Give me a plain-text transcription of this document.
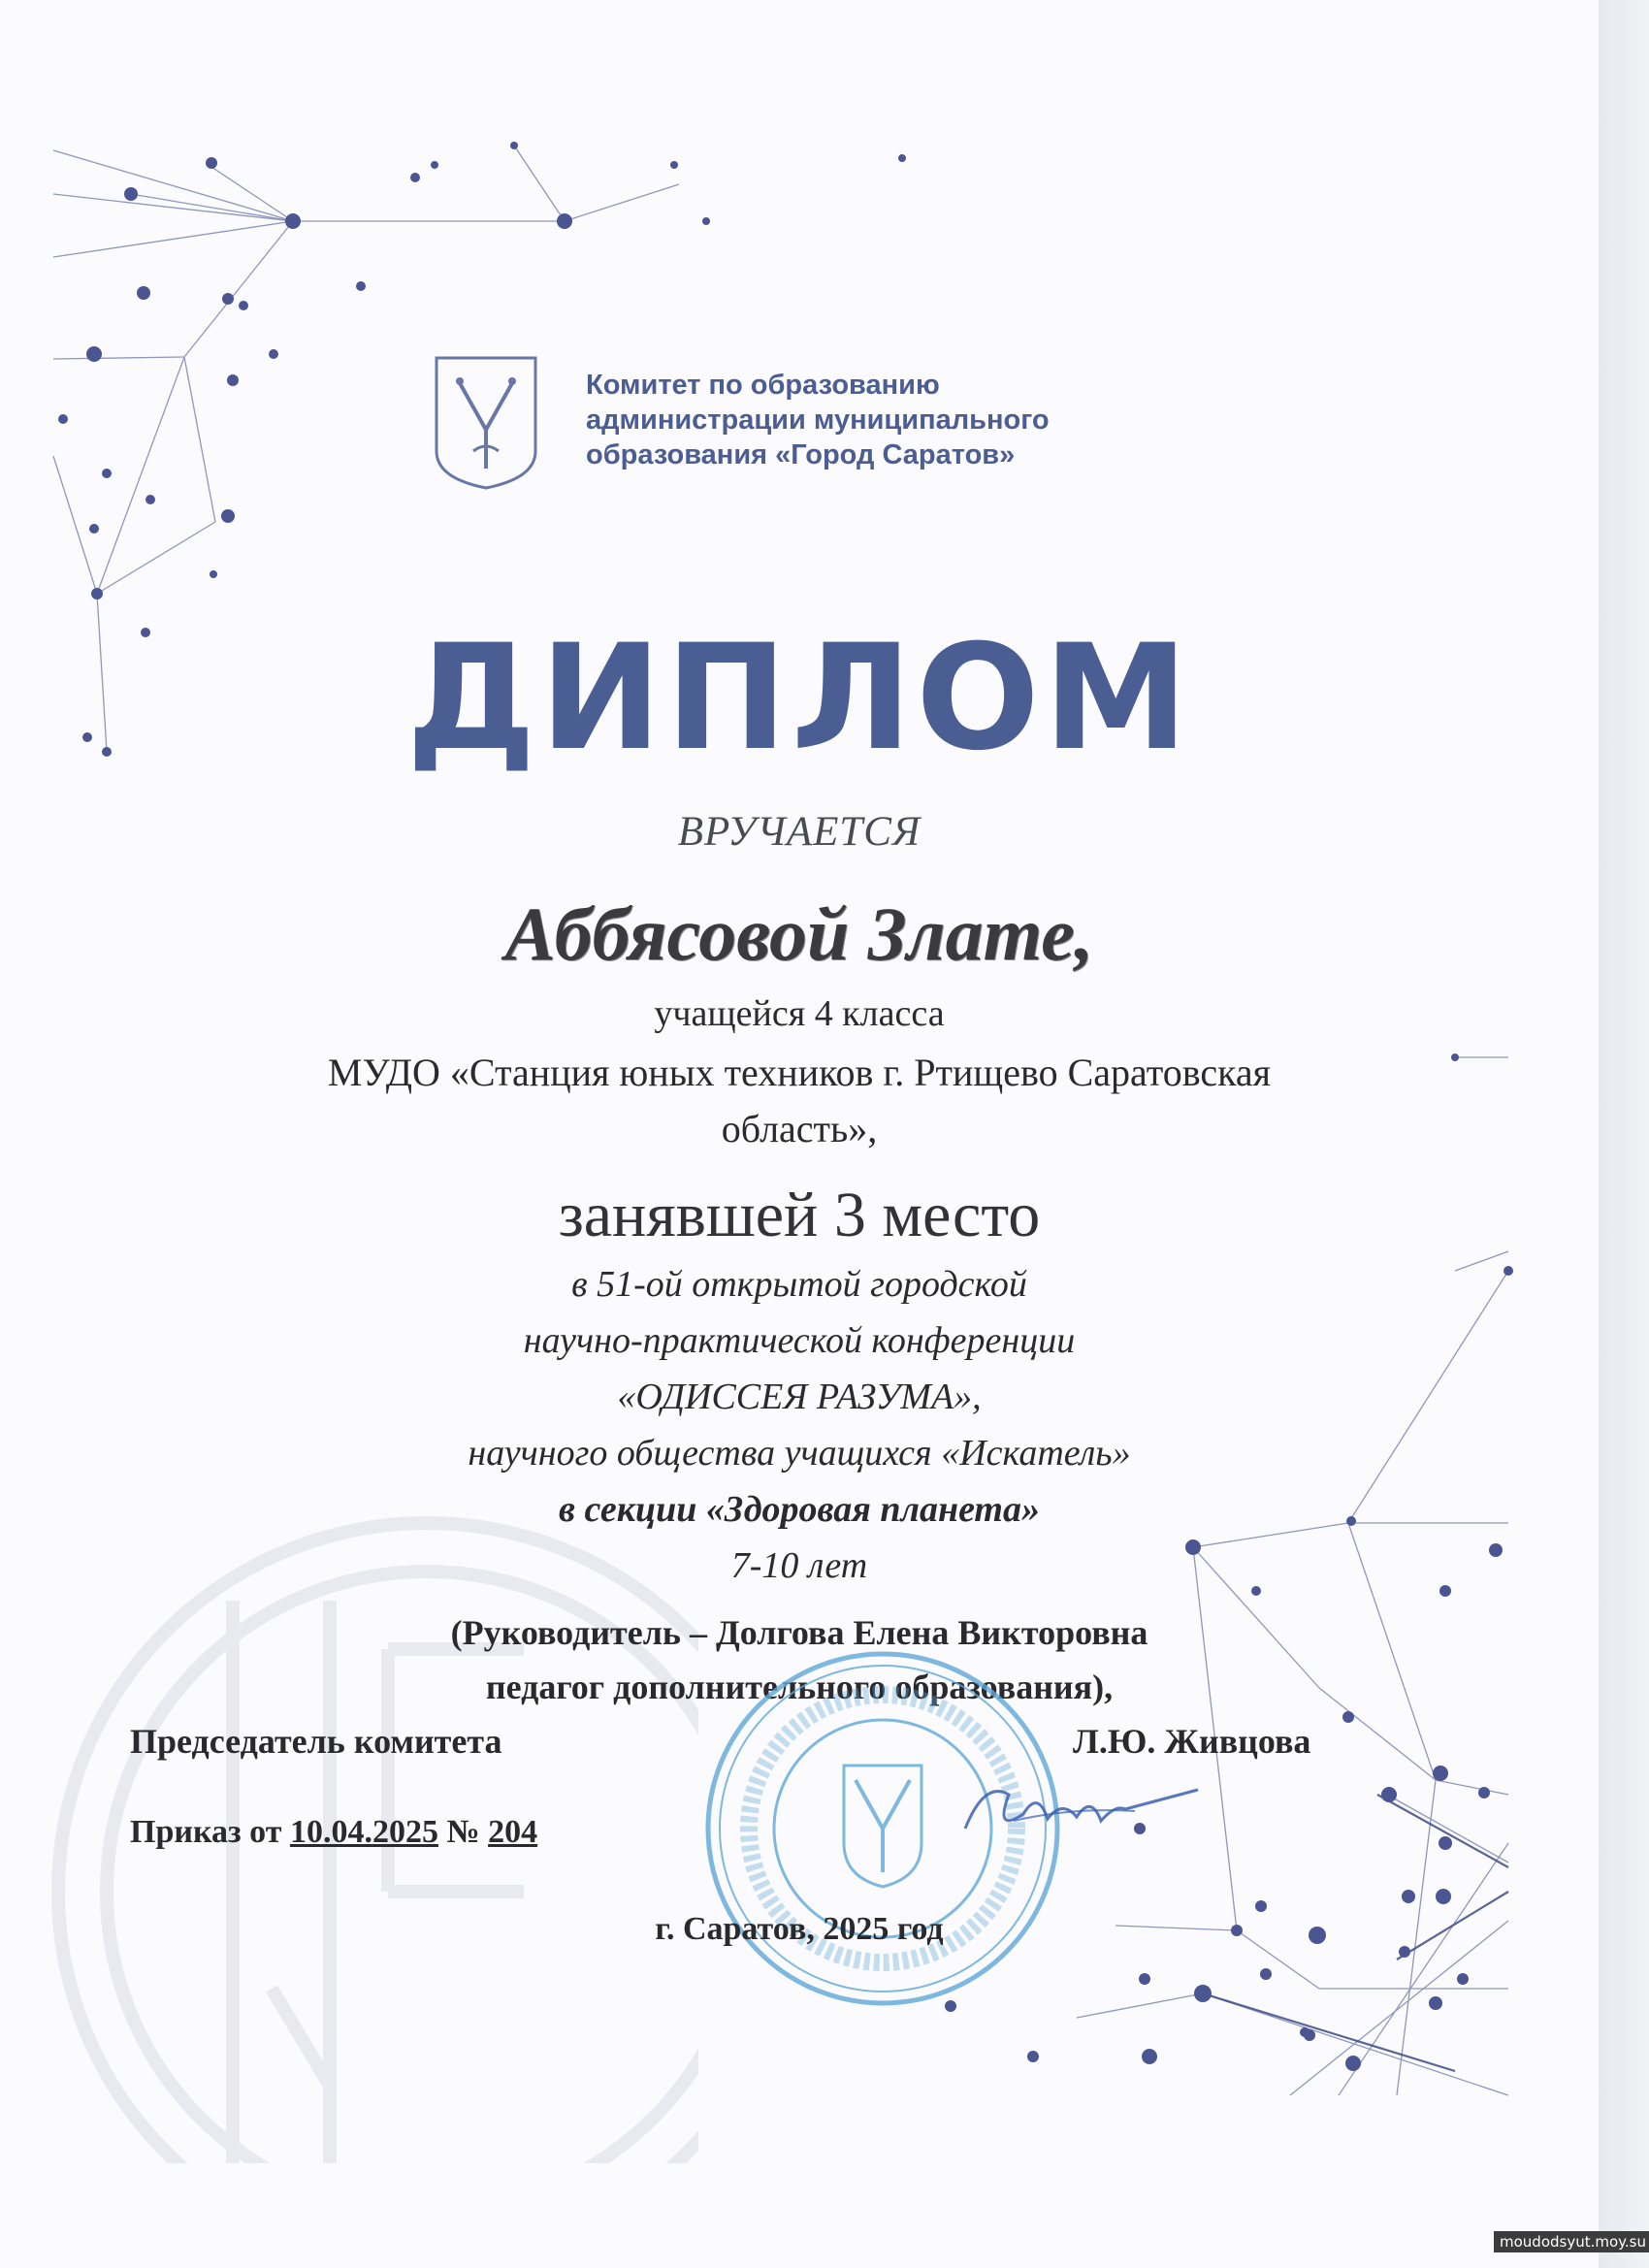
Комитет по образованию
администрации муниципального
образования «Город Саратов»
ДИПЛОМ
ВРУЧАЕТСЯ
Аббясовой Злате,
учащейся 4 класса
МУДО «Станция юных техников г. Ртищево Саратовская
область»,
занявшей 3 место
в 51-ой открытой городской
научно-практической конференции
«ОДИССЕЯ РАЗУМА»,
научного общества учащихся «Искатель»
в секции «Здоровая планета»
7-10 лет
(Руководитель – Долгова Елена Викторовна
педагог дополнительного образования),
Председатель комитета	Л.Ю. Живцова
Приказ от 10.04.2025 № 204
г. Саратов, 2025 год
moudodsyut.moy.su
